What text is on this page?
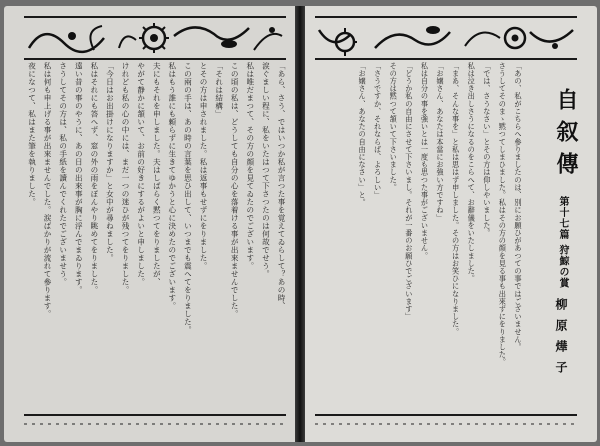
「あら、さう、ではいつか私が言つた事を覚えてゐらして？あの時、
涙ぐましい程に、私をいたはつて下さつたのは何故でせう。
私は唯だまつて、その方の顔を見てゐたのでございます。
この頃の私は、どうしても自分の心を落着ける事が出來ませんでした。
「それは結構」
とその方は申されました。私は返事もせずにをりました。
この兩の手は、あの時の言葉を思ひ出して、いつまでも震へてをりました。
私はもう誰にも頼らずに生きてゆかうと心に決めたのでございます。
夫にもそれを申しました。夫はしばらく黙つてをりましたが、
やがて静かに頷いて、お前の好きにするがよいと申しました。
けれども私の心の中には、まだ一つの迷ひが残つてをりました。
「今日はお出掛けになりますか」と女中が尋ねました。
私はそれにも答へず、窓の外の雨をぼんやり眺めてをりました。
遠い昔の事のやうに、あの日の出來事が胸に浮んでまゐります。
さうしてその方は、私の手紙を讀んでくれたでございませう。
私は何も申上げる事が出來ませんでした。涙ばかりが流れて參ります。
夜になつて、私はまた筆を執りました。	「あの、私がこちらへ參りましたのは、別にお願ひがあつての事ではございません。
さうしてそのまゝ黙つてしまひました。私はその方の顔を見る事も出來ずにをりました。
「では、さうなさい」とその方は仰しやいました。
私は泣き出しさうになるのをこらへて、お辭儀をいたしました。
「まあ、そんな事を」と私は思はず申しました。その方はお笑ひになりました。
「お嬢さん、あなたは本當にお強い方ですね」
私は自分の事を強いとは一度も思つた事がございません。
「どうか私の自由にさせて下さいまし。それが一番のお願ひでございます」
その方は黙つて頷いて下さいました。
「さうですか、それならば、よろしい」
「お嬢さん、あなたの自由になさい」と。	自叙傳
第十七篇 狩鯨の賞
柳原燁子
